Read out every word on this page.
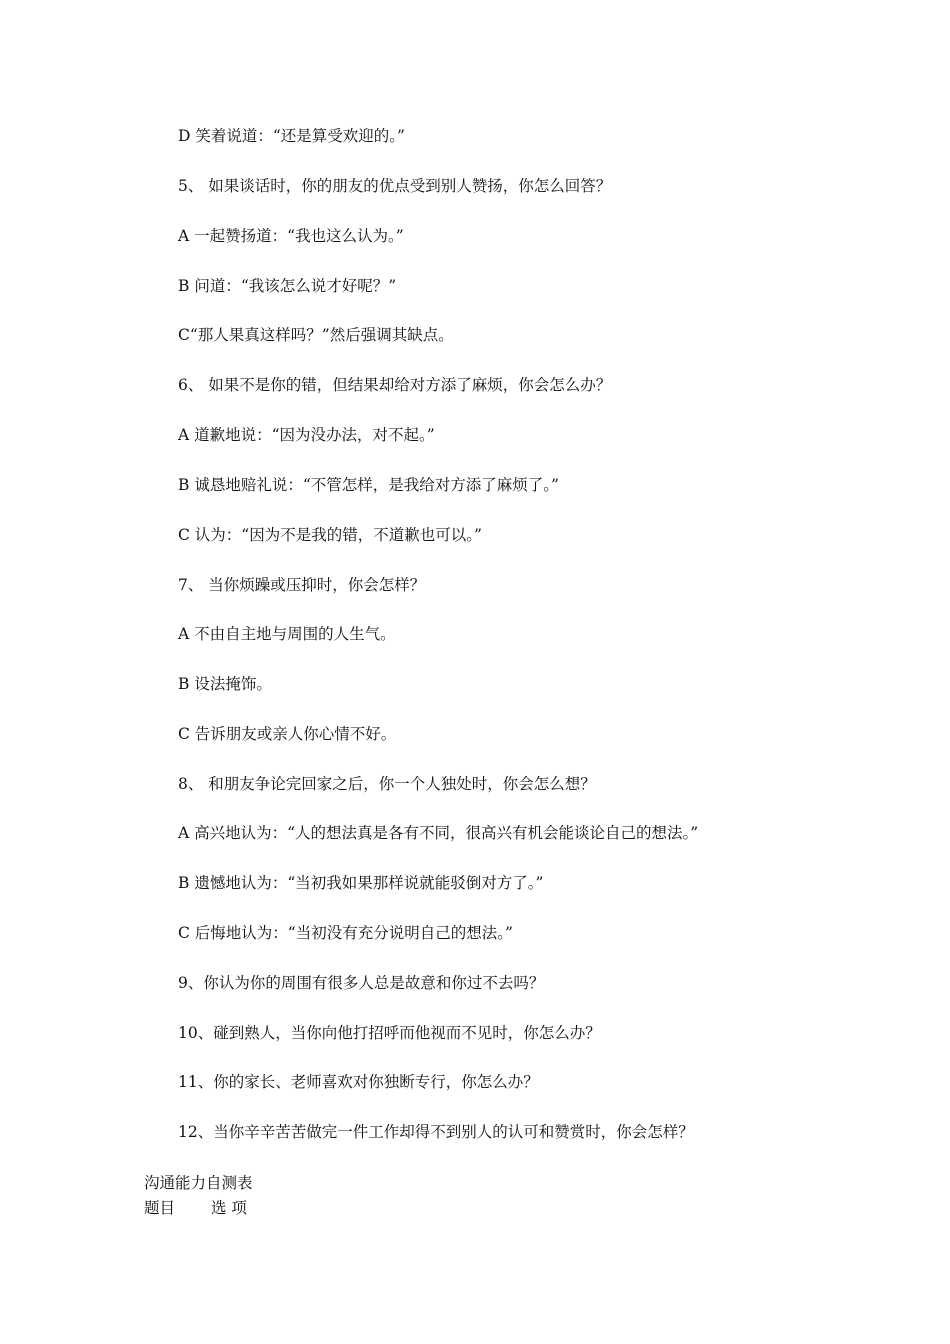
D 笑着说道：“还是算受欢迎的。”
5、 如果谈话时，你的朋友的优点受到别人赞扬，你怎么回答？
A 一起赞扬道：“我也这么认为。”
B 问道：“我该怎么说才好呢？”
C“那人果真这样吗？”然后强调其缺点。
6、 如果不是你的错，但结果却给对方添了麻烦，你会怎么办？
A 道歉地说：“因为没办法，对不起。”
B 诚恳地赔礼说：“不管怎样，是我给对方添了麻烦了。”
C 认为：“因为不是我的错，不道歉也可以。”
7、 当你烦躁或压抑时，你会怎样？
A 不由自主地与周围的人生气。
B 设法掩饰。
C 告诉朋友或亲人你心情不好。
8、 和朋友争论完回家之后，你一个人独处时，你会怎么想？
A 高兴地认为：“人的想法真是各有不同，很高兴有机会能谈论自己的想法。”
B 遗憾地认为：“当初我如果那样说就能驳倒对方了。”
C 后悔地认为：“当初没有充分说明自己的想法。”
9、你认为你的周围有很多人总是故意和你过不去吗？
10、碰到熟人，当你向他打招呼而他视而不见时，你怎么办？
11、你的家长、老师喜欢对你独断专行，你怎么办？
12、当你辛辛苦苦做完一件工作却得不到别人的认可和赞赏时，你会怎样？
沟通能力自测表
题目 选 项
